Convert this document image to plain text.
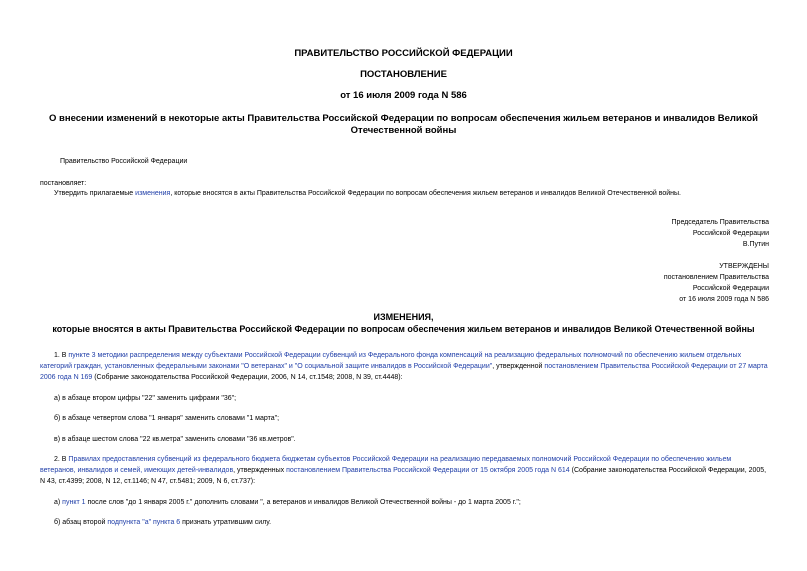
ПРАВИТЕЛЬСТВО РОССИЙСКОЙ ФЕДЕРАЦИИ
ПОСТАНОВЛЕНИЕ
от 16 июля 2009 года N 586
О внесении изменений в некоторые акты Правительства Российской Федерации по вопросам обеспечения жильем ветеранов и инвалидов Великой Отечественной войны
Правительство Российской Федерации
постановляет:
Утвердить прилагаемые изменения, которые вносятся в акты Правительства Российской Федерации по вопросам обеспечения жильем ветеранов и инвалидов Великой Отечественной войны.
Председатель Правительства
Российской Федерации
В.Путин
УТВЕРЖДЕНЫ
постановлением Правительства
Российской Федерации
от 16 июля 2009 года N 586
ИЗМЕНЕНИЯ,
которые вносятся в акты Правительства Российской Федерации по вопросам обеспечения жильем ветеранов и инвалидов Великой Отечественной войны
1. В пункте 3 методики распределения между субъектами Российской Федерации субвенций из Федерального фонда компенсаций на реализацию федеральных полномочий по обеспечению жильем отдельных категорий граждан, установленных федеральными законами "О ветеранах" и "О социальной защите инвалидов в Российской Федерации", утвержденной постановлением Правительства Российской Федерации от 27 марта 2006 года N 169 (Собрание законодательства Российской Федерации, 2006, N 14, ст.1548; 2008, N 39, ст.4448):
а) в абзаце втором цифры "22" заменить цифрами "36";
б) в абзаце четвертом слова "1 января" заменить словами "1 марта";
в) в абзаце шестом слова "22 кв.метра" заменить словами "36 кв.метров".
2. В Правилах предоставления субвенций из федерального бюджета бюджетам субъектов Российской Федерации на реализацию передаваемых полномочий Российской Федерации по обеспечению жильем ветеранов, инвалидов и семей, имеющих детей-инвалидов, утвержденных постановлением Правительства Российской Федерации от 15 октября 2005 года N 614 (Собрание законодательства Российской Федерации, 2005, N 43, ст.4399; 2008, N 12, ст.1146; N 47, ст.5481; 2009, N 6, ст.737):
а) пункт 1 после слов "до 1 января 2005 г." дополнить словами ", а ветеранов и инвалидов Великой Отечественной войны - до 1 марта 2005 г.";
б) абзац второй подпункта "а" пункта 6 признать утратившим силу.
